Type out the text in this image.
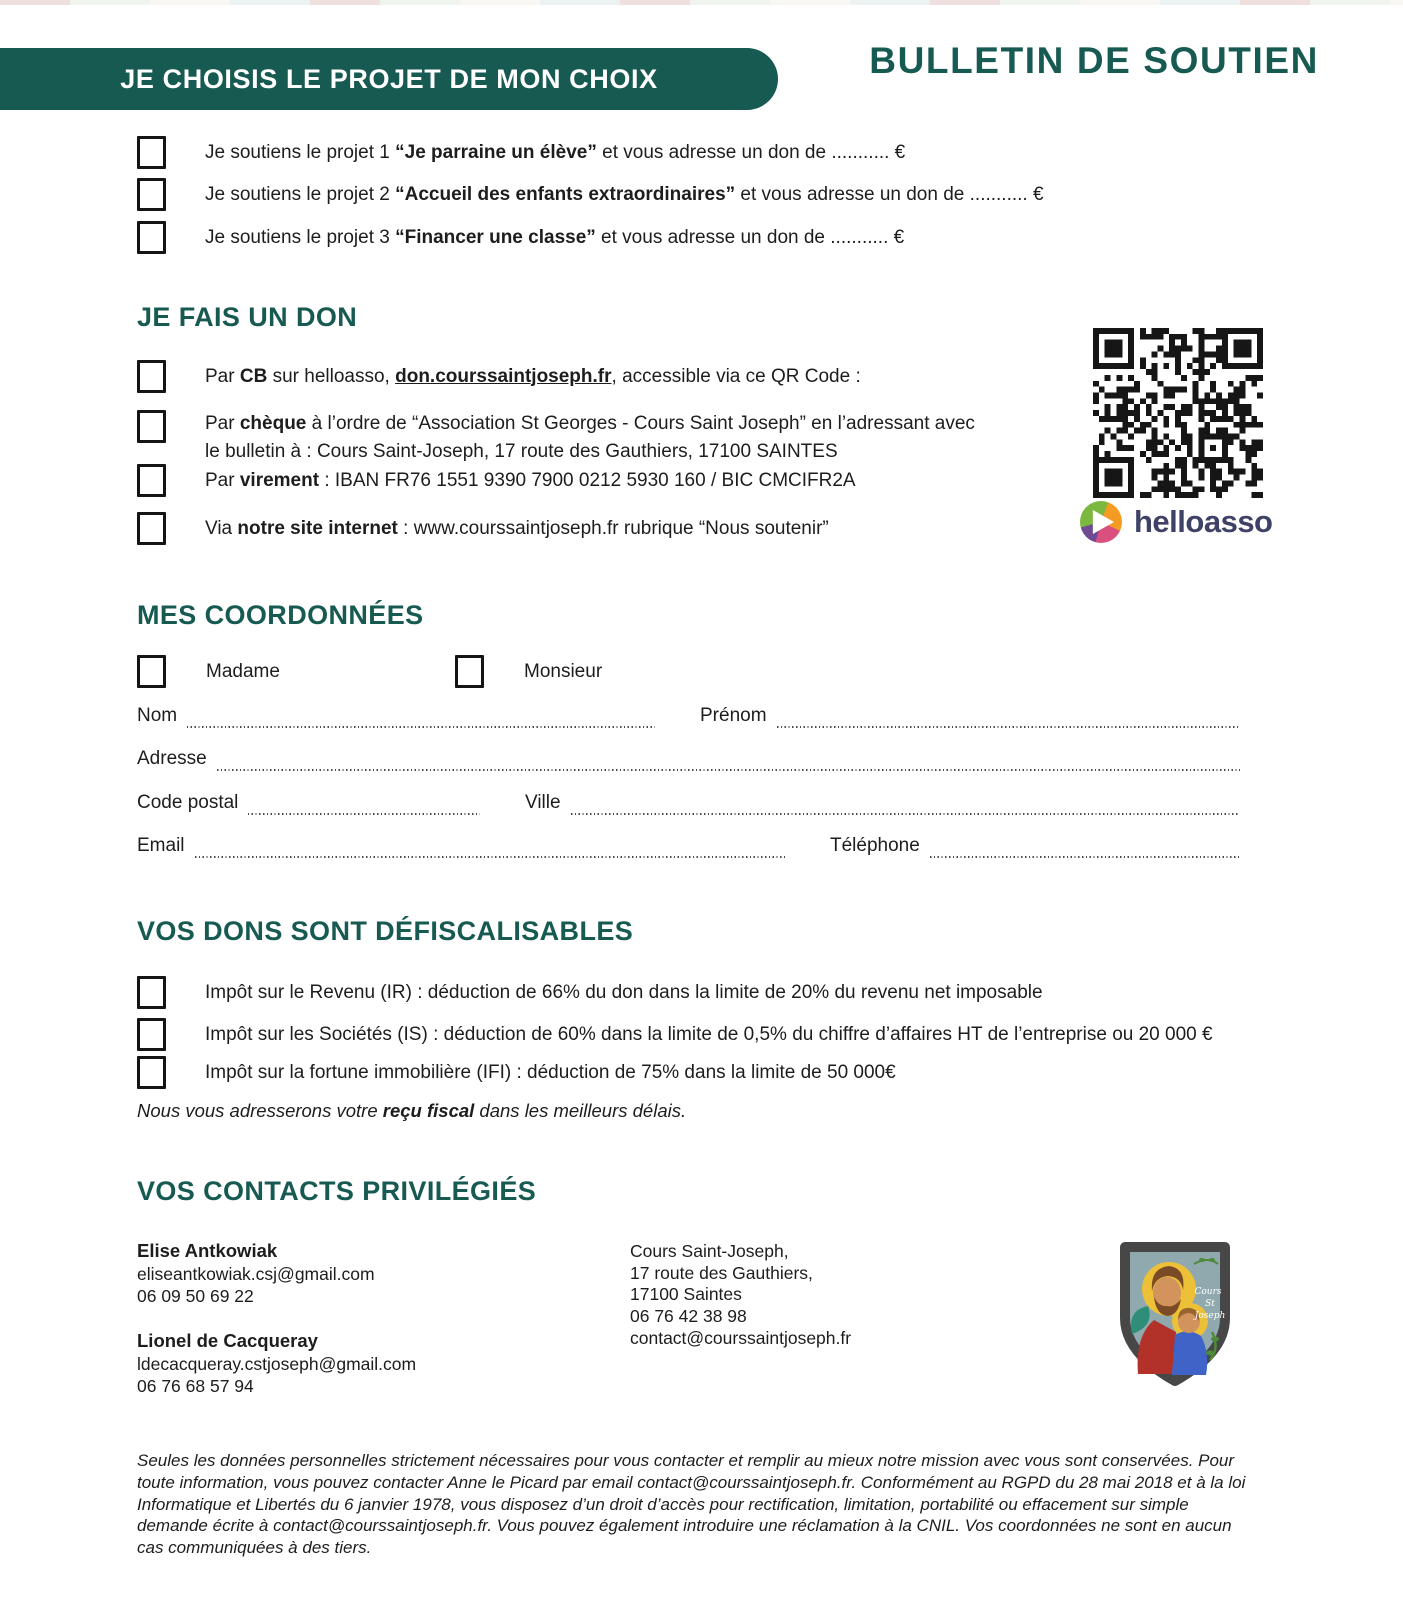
JE CHOISIS LE PROJET DE MON CHOIX	BULLETIN DE SOUTIEN
Je soutiens le projet 1 “Je parraine un élève” et vous adresse un don de ........... €
Je soutiens le projet 2 “Accueil des enfants extraordinaires” et vous adresse un don de ........... €
Je soutiens le projet 3 “Financer une classe” et vous adresse un don de ........... €
JE FAIS UN DON
Par CB sur helloasso, don.courssaintjoseph.fr, accessible via ce QR Code :
Par chèque à l’ordre de “Association St Georges - Cours Saint Joseph” en l’adressant avec
le bulletin à : Cours Saint-Joseph, 17 route des Gauthiers, 17100 SAINTES
Par virement : IBAN FR76 1551 9390 7900 0212 5930 160 / BIC CMCIFR2A
Via notre site internet : www.courssaintjoseph.fr rubrique “Nous soutenir”	helloasso
MES COORDONNÉES
Madame	Monsieur
Nom	Prénom
Adresse
Code postal	Ville
Email	Téléphone
VOS DONS SONT DÉFISCALISABLES
Impôt sur le Revenu (IR) : déduction de 66% du don dans la limite de 20% du revenu net imposable
Impôt sur les Sociétés (IS) : déduction de 60% dans la limite de 0,5% du chiffre d’affaires HT de l’entreprise ou 20 000 €
Impôt sur la fortune immobilière (IFI) : déduction de 75% dans la limite de 50 000€
Nous vous adresserons votre reçu fiscal dans les meilleurs délais.
VOS CONTACTS PRIVILÉGIÉS
Elise Antkowiak
eliseantkowiak.csj@gmail.com
06 09 50 69 22
Lionel de Cacqueray
ldecacqueray.cstjoseph@gmail.com
06 76 68 57 94
Cours Saint-Joseph,
17 route des Gauthiers,
17100 Saintes
06 76 42 38 98
contact@courssaintjoseph.fr
Cours
St
Joseph
Seules les données personnelles strictement nécessaires pour vous contacter et remplir au mieux notre mission avec vous sont conservées. Pour toute information, vous pouvez contacter Anne le Picard par email contact@courssaintjoseph.fr. Conformément au RGPD du 28 mai 2018 et à la loi Informatique et Libertés du 6 janvier 1978, vous disposez d’un droit d’accès pour rectification, limitation, portabilité ou effacement sur simple demande écrite à contact@courssaintjoseph.fr. Vous pouvez également introduire une réclamation à la CNIL. Vos coordonnées ne sont en aucun cas communiquées à des tiers.
